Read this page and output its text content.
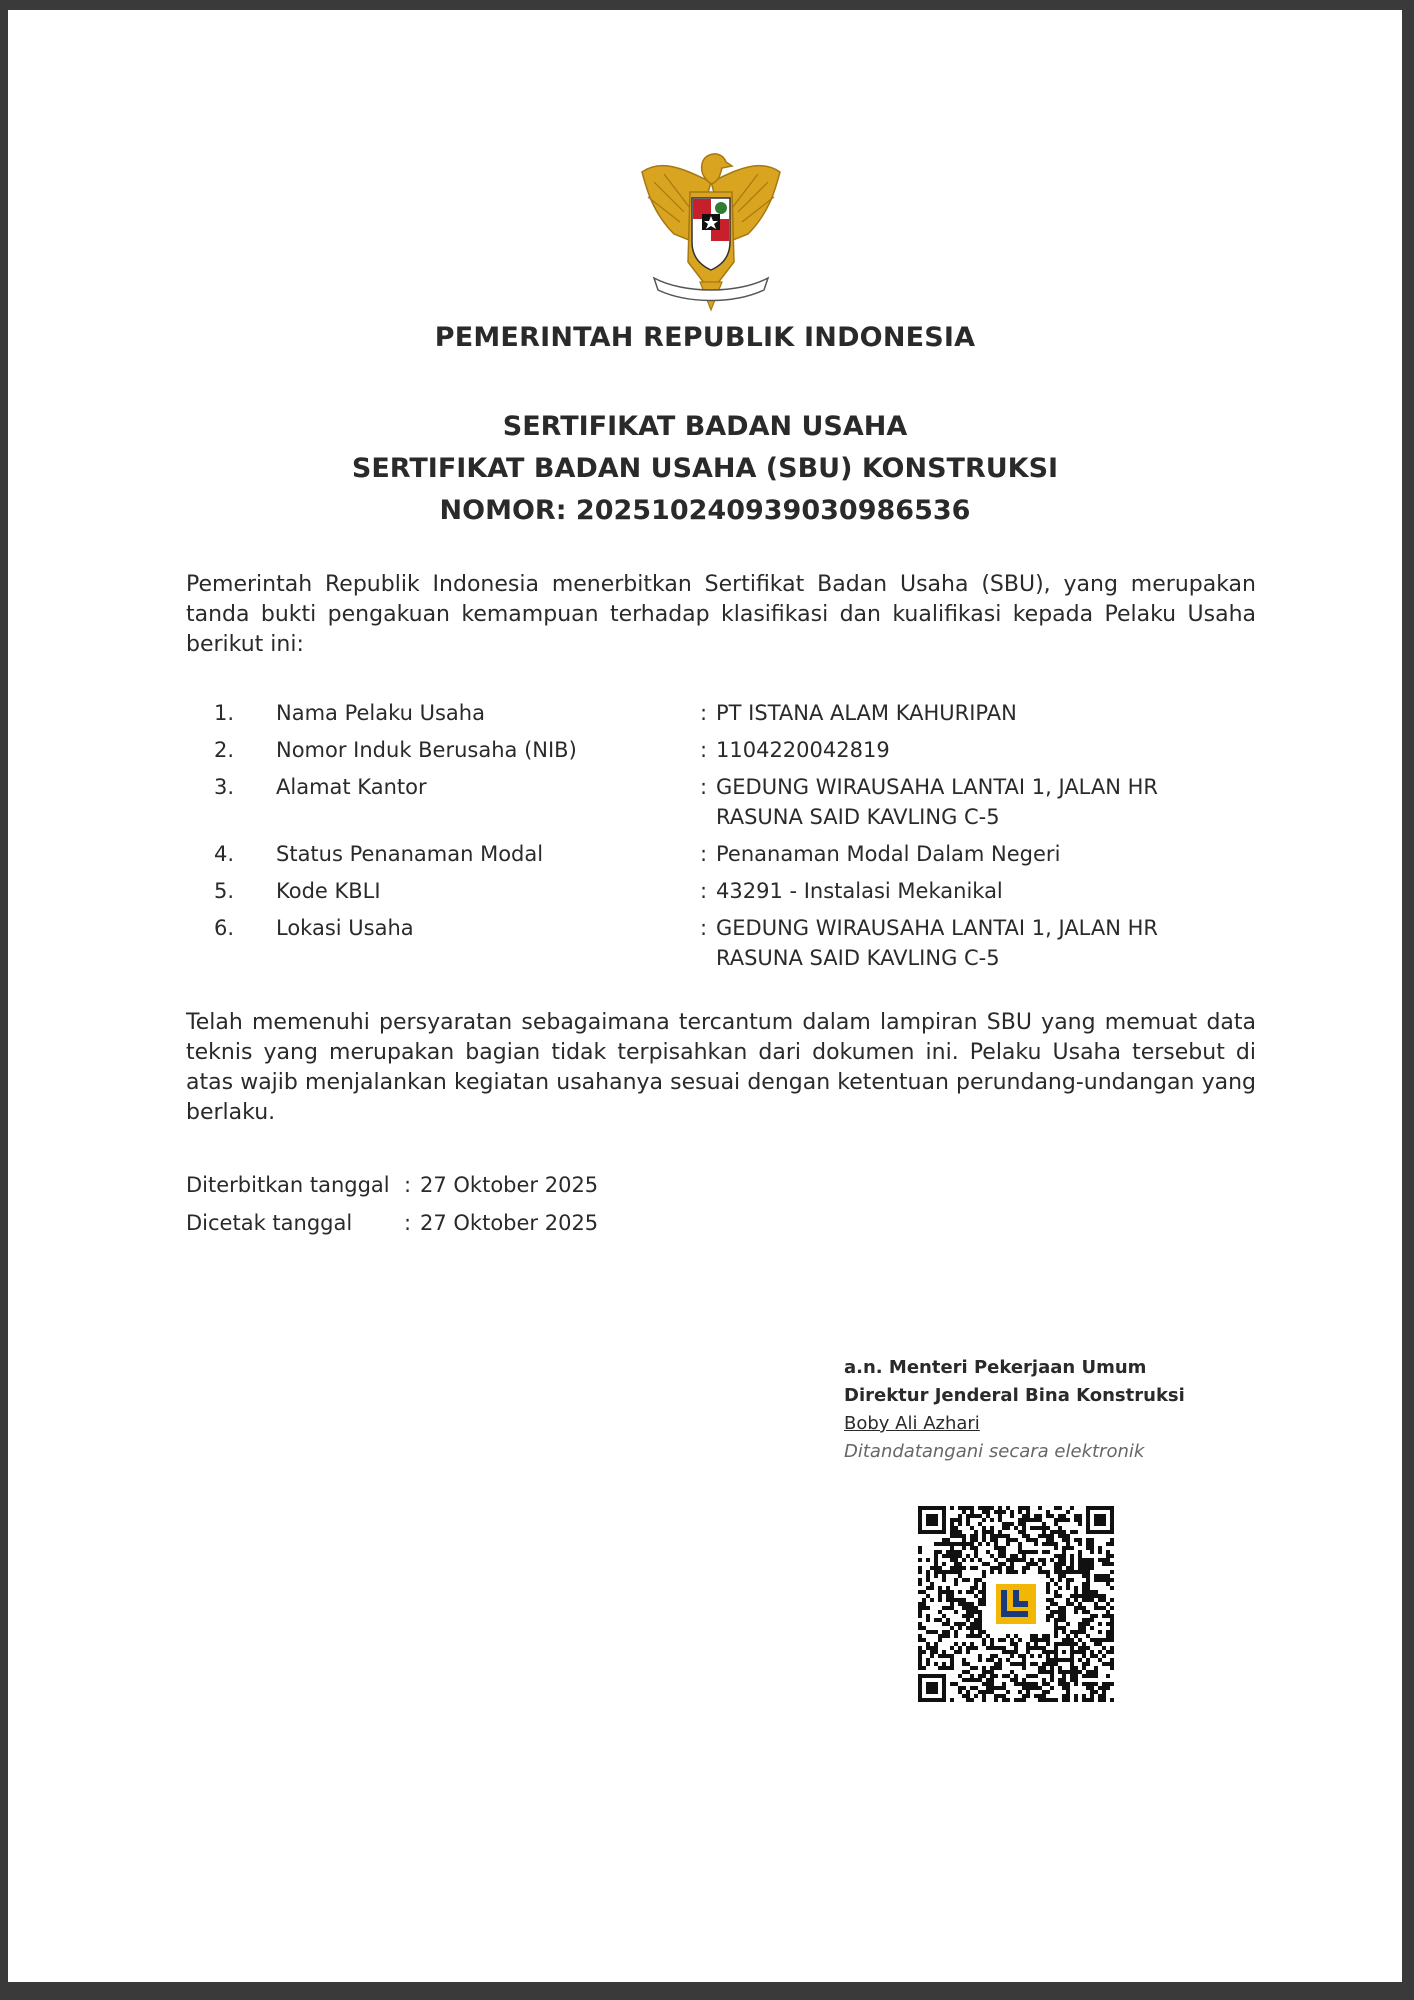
PEMERINTAH REPUBLIK INDONESIA
SERTIFIKAT BADAN USAHA
SERTIFIKAT BADAN USAHA (SBU) KONSTRUKSI
NOMOR: 20251024093903098653​6
Pemerintah Republik Indonesia menerbitkan Sertifikat Badan Usaha (SBU), yang merupakan tanda bukti pengakuan kemampuan terhadap klasifikasi dan kualifikasi kepada Pelaku Usaha berikut ini:
1.	Nama Pelaku Usaha	: PT ISTANA ALAM KAHURIPAN
2.	Nomor Induk Berusaha (NIB)	: 1104220042819
3.	Alamat Kantor	: GEDUNG WIRAUSAHA LANTAI 1, JALAN HR RASUNA SAID KAVLING C-5
4.	Status Penanaman Modal	: Penanaman Modal Dalam Negeri
5.	Kode KBLI	: 43291 - Instalasi Mekanikal
6.	Lokasi Usaha	: GEDUNG WIRAUSAHA LANTAI 1, JALAN HR RASUNA SAID KAVLING C-5
Telah memenuhi persyaratan sebagaimana tercantum dalam lampiran SBU yang memuat data teknis yang merupakan bagian tidak terpisahkan dari dokumen ini. Pelaku Usaha tersebut di atas wajib menjalankan kegiatan usahanya sesuai dengan ketentuan perundang-undangan yang berlaku.
Diterbitkan tanggal : 27 Oktober 2025
Dicetak tanggal	: 27 Oktober 2025
a.n. Menteri Pekerjaan Umum
Direktur Jenderal Bina Konstruksi
Boby Ali Azhari
Ditandatangani secara elektronik
